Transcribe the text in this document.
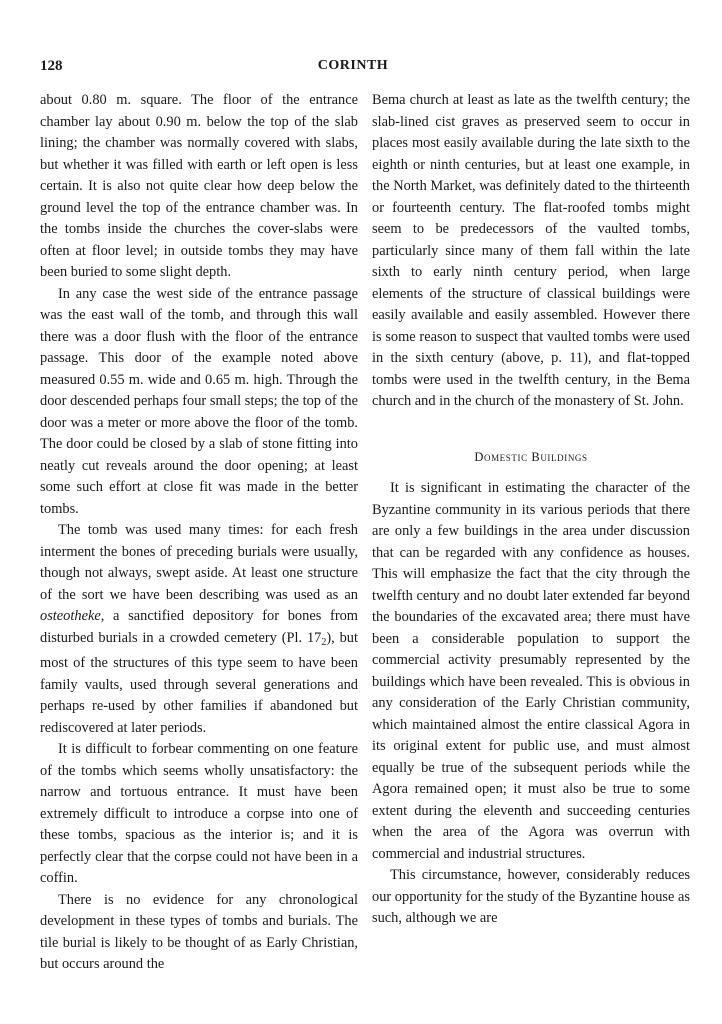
128	CORINTH

about 0.80 m. square. The floor of the entrance chamber lay about 0.90 m. below the top of the slab lining; the chamber was normally covered with slabs, but whether it was filled with earth or left open is less certain. It is also not quite clear how deep below the ground level the top of the entrance chamber was. In the tombs inside the churches the cover-slabs were often at floor level; in outside tombs they may have been buried to some slight depth.

In any case the west side of the entrance passage was the east wall of the tomb, and through this wall there was a door flush with the floor of the entrance passage. This door of the example noted above measured 0.55 m. wide and 0.65 m. high. Through the door descended perhaps four small steps; the top of the door was a meter or more above the floor of the tomb. The door could be closed by a slab of stone fitting into neatly cut reveals around the door opening; at least some such effort at close fit was made in the better tombs.

The tomb was used many times: for each fresh interment the bones of preceding burials were usually, though not always, swept aside. At least one structure of the sort we have been describing was used as an osteotheke, a sanctified depository for bones from disturbed burials in a crowded cemetery (Pl. $17_2$), but most of the structures of this type seem to have been family vaults, used through several generations and perhaps re-used by other families if abandoned but rediscovered at later periods.

It is difficult to forbear commenting on one feature of the tombs which seems wholly unsatisfactory: the narrow and tortuous entrance. It must have been extremely difficult to introduce a corpse into one of these tombs, spacious as the interior is; and it is perfectly clear that the corpse could not have been in a coffin.

There is no evidence for any chronological development in these types of tombs and burials. The tile burial is likely to be thought of as Early Christian, but occurs around the

Bema church at least as late as the twelfth century; the slab-lined cist graves as preserved seem to occur in places most easily available during the late sixth to the eighth or ninth centuries, but at least one example, in the North Market, was definitely dated to the thirteenth or fourteenth century. The flat-roofed tombs might seem to be predecessors of the vaulted tombs, particularly since many of them fall within the late sixth to early ninth century period, when large elements of the structure of classical buildings were easily available and easily assembled. However there is some reason to suspect that vaulted tombs were used in the sixth century (above, p. 11), and flat-topped tombs were used in the twelfth century, in the Bema church and in the church of the monastery of St. John.

Domestic Buildings

It is significant in estimating the character of the Byzantine community in its various periods that there are only a few buildings in the area under discussion that can be regarded with any confidence as houses. This will emphasize the fact that the city through the twelfth century and no doubt later extended far beyond the boundaries of the excavated area; there must have been a considerable population to support the commercial activity presumably represented by the buildings which have been revealed. This is obvious in any consideration of the Early Christian community, which maintained almost the entire classical Agora in its original extent for public use, and must almost equally be true of the subsequent periods while the Agora remained open; it must also be true to some extent during the eleventh and succeeding centuries when the area of the Agora was overrun with commercial and industrial structures.

This circumstance, however, considerably reduces our opportunity for the study of the Byzantine house as such, although we are
